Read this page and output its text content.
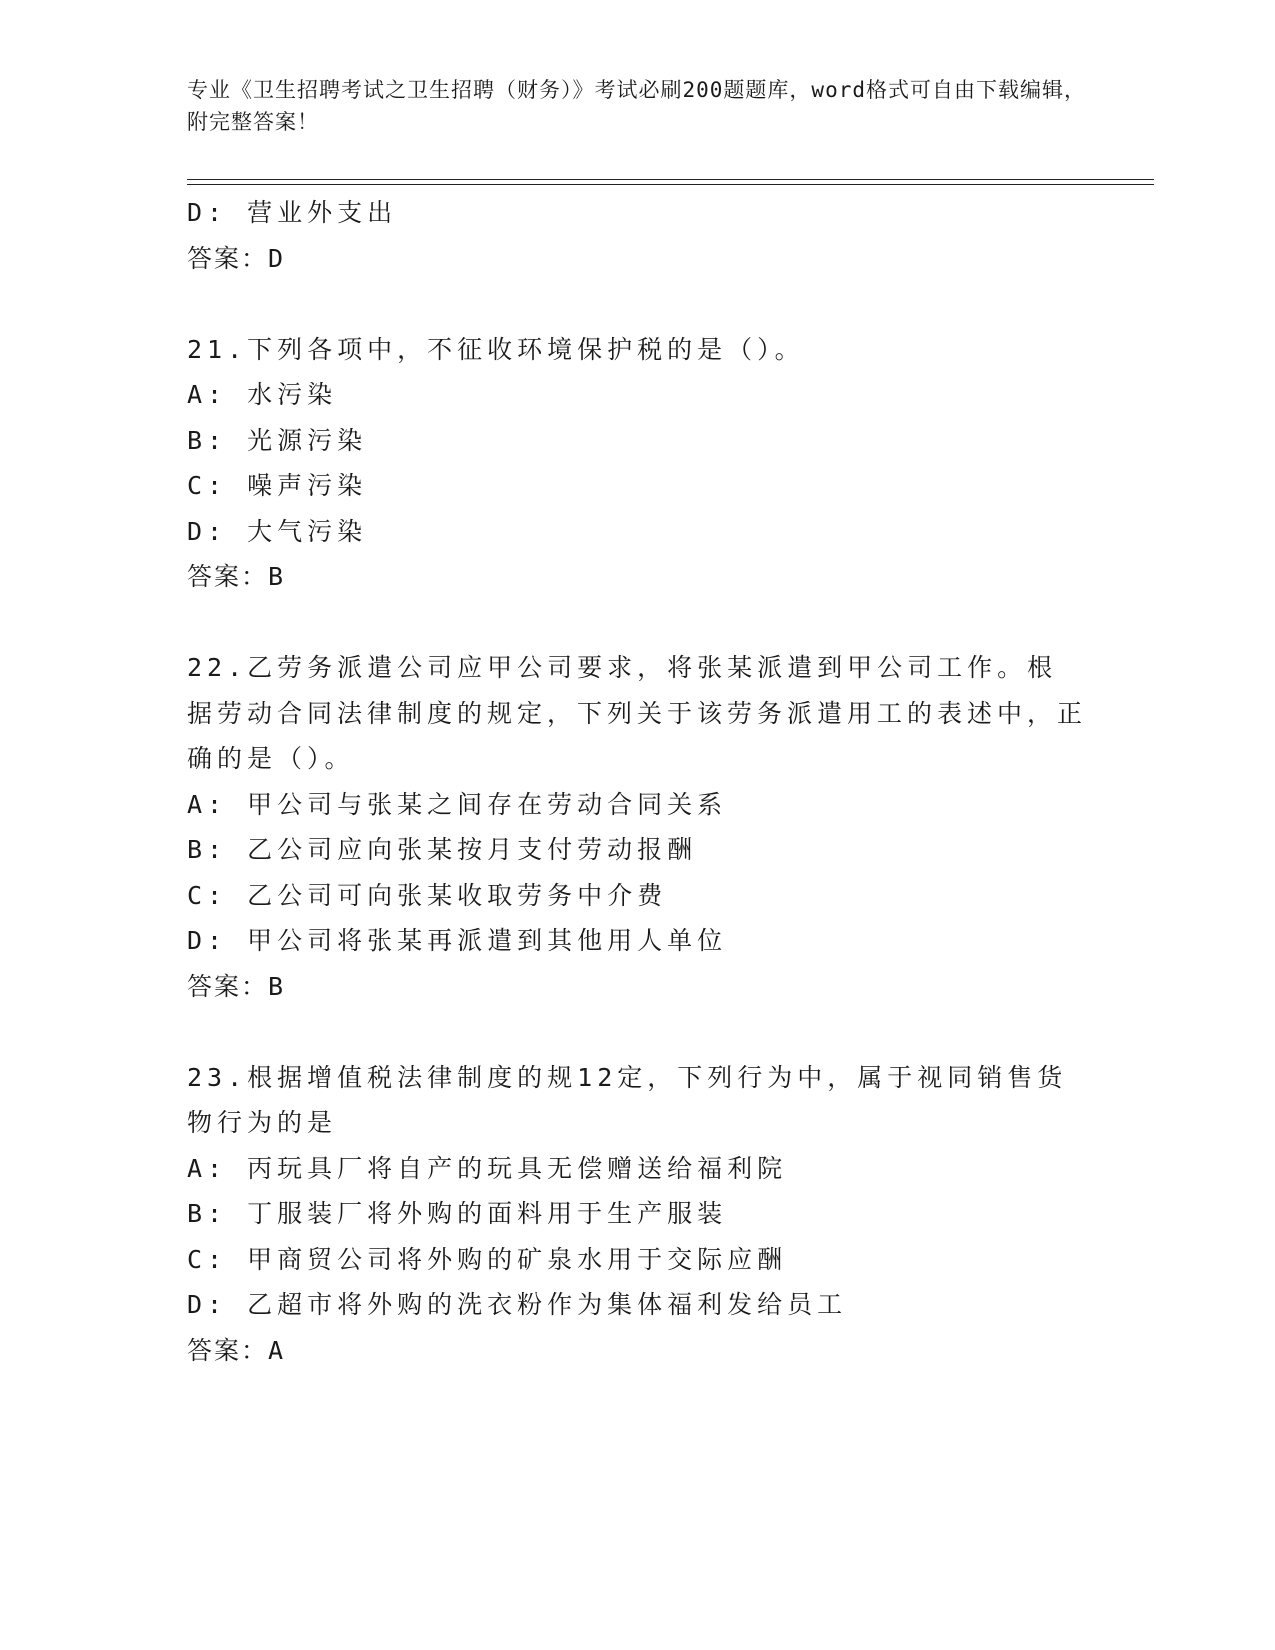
专业《卫生招聘考试之卫生招聘（财务）》考试必刷200题题库，word格式可自由下载编辑，附完整答案！
D: 营业外支出
答案：D
21.下列各项中，不征收环境保护税的是（）。
A: 水污染
B: 光源污染
C: 噪声污染
D: 大气污染
答案：B
22.乙劳务派遣公司应甲公司要求，将张某派遣到甲公司工作。根据劳动合同法律制度的规定，下列关于该劳务派遣用工的表述中，正确的是（）。
A: 甲公司与张某之间存在劳动合同关系
B: 乙公司应向张某按月支付劳动报酬
C: 乙公司可向张某收取劳务中介费
D: 甲公司将张某再派遣到其他用人单位
答案：B
23.根据增值税法律制度的规12定，下列行为中，属于视同销售货物行为的是
A: 丙玩具厂将自产的玩具无偿赠送给福利院
B: 丁服装厂将外购的面料用于生产服装
C: 甲商贸公司将外购的矿泉水用于交际应酬
D: 乙超市将外购的洗衣粉作为集体福利发给员工
答案：A
